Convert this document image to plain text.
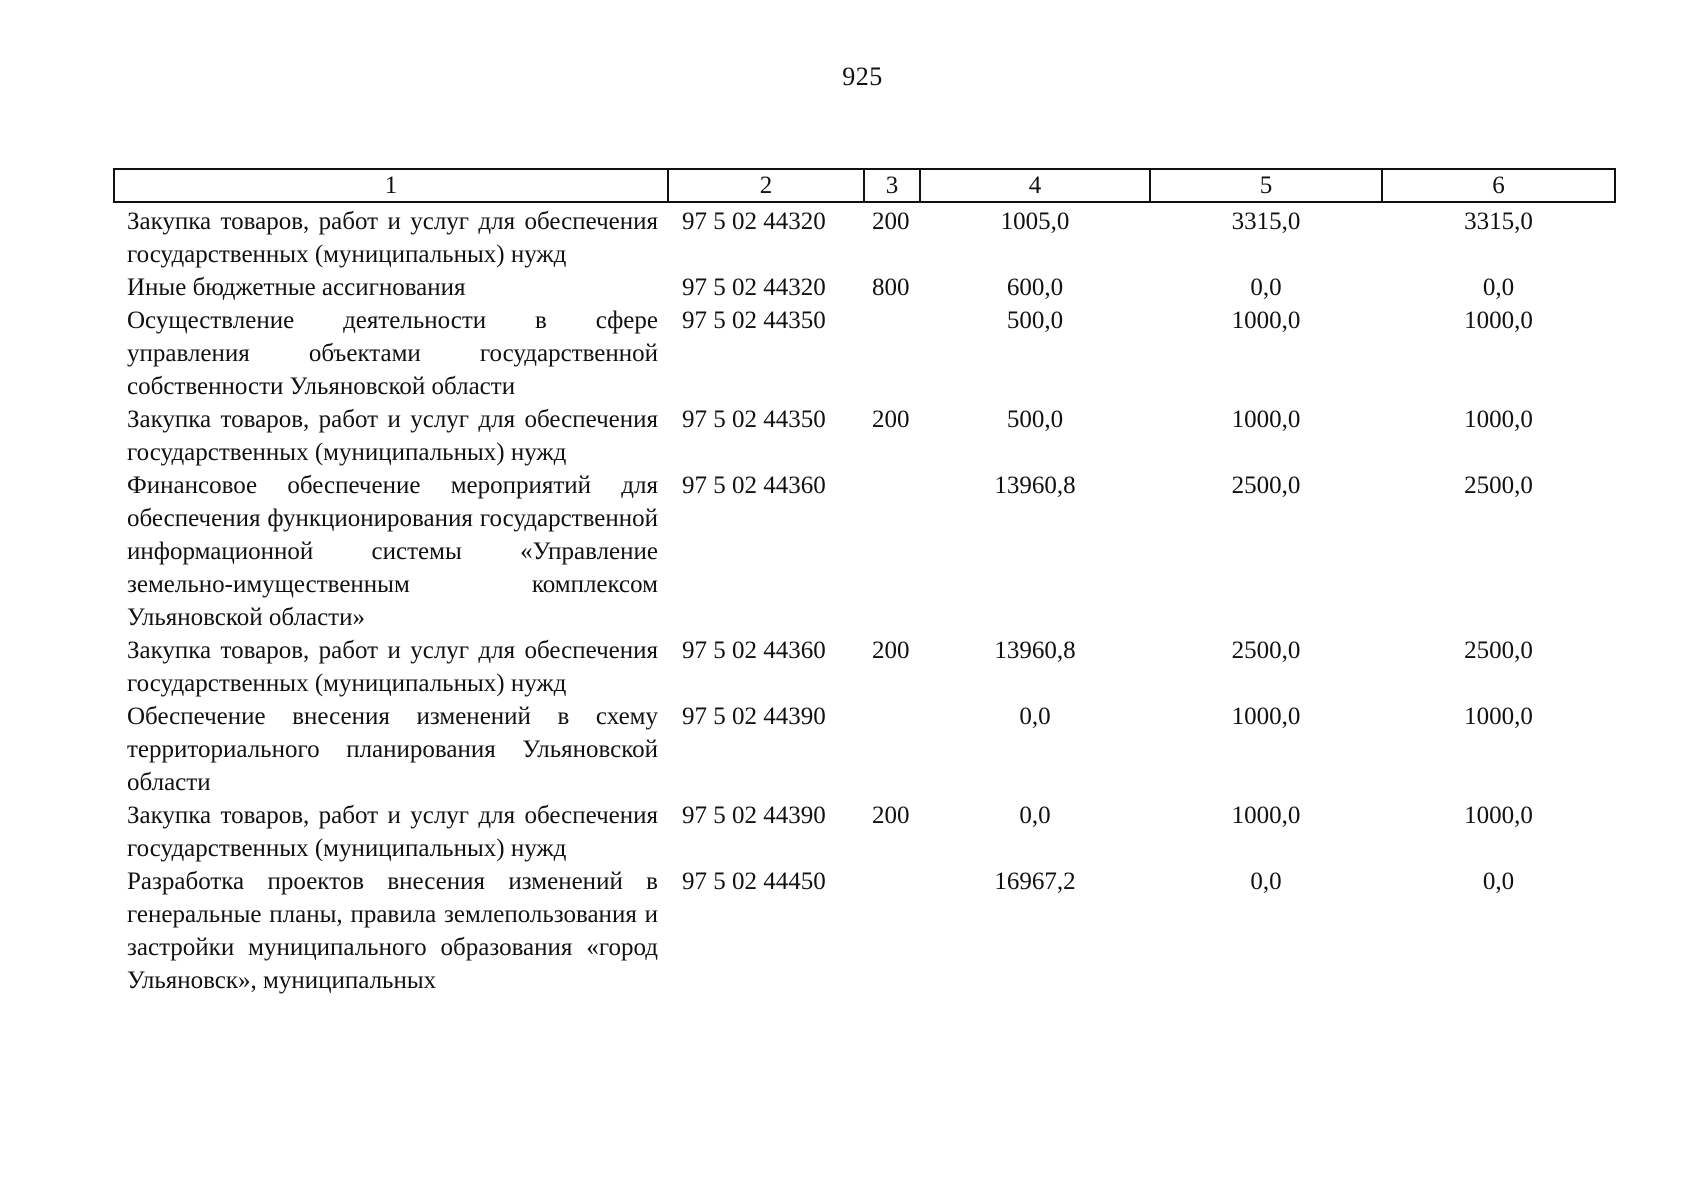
925
1	2	3	4	5	6
Закупка товаров, работ и услуг для обеспечения государственных (муниципальных) нужд	97 5 02 44320	200	1005,0	3315,0	3315,0
Иные бюджетные ассигнования	97 5 02 44320	800	600,0	0,0	0,0
Осуществление деятельности в сфере управления объектами государственной собственности Ульяновской области	97 5 02 44350		500,0	1000,0	1000,0
Закупка товаров, работ и услуг для обеспечения государственных (муниципальных) нужд	97 5 02 44350	200	500,0	1000,0	1000,0
Финансовое обеспечение мероприятий для обеспечения функционирования государственной информационной системы «Управление земельно-имущественным комплексом Ульяновской области»	97 5 02 44360		13960,8	2500,0	2500,0
Закупка товаров, работ и услуг для обеспечения государственных (муниципальных) нужд	97 5 02 44360	200	13960,8	2500,0	2500,0
Обеспечение внесения изменений в схему территориального планирования Ульяновской области	97 5 02 44390		0,0	1000,0	1000,0
Закупка товаров, работ и услуг для обеспечения государственных (муниципальных) нужд	97 5 02 44390	200	0,0	1000,0	1000,0
Разработка проектов внесения изменений в генеральные планы, правила землепользования и застройки муниципального образования «город Ульяновск», муниципальных	97 5 02 44450		16967,2	0,0	0,0
